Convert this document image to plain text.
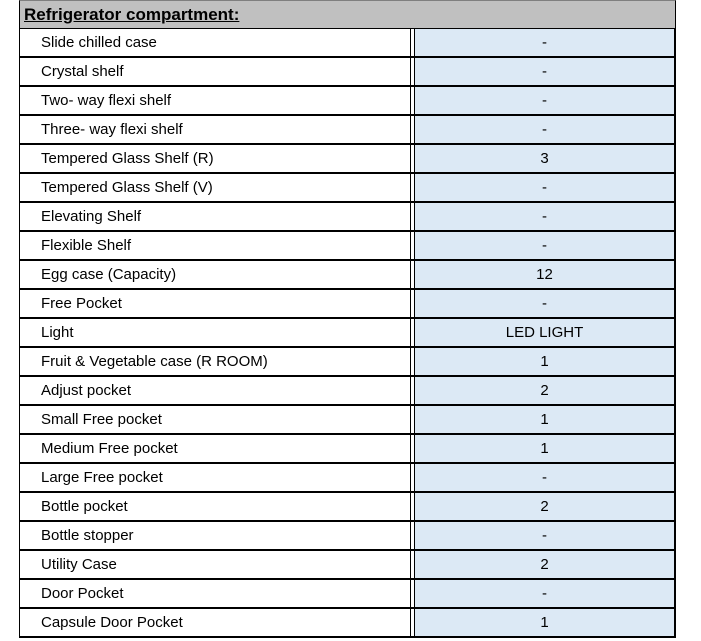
Refrigerator compartment:
Slide chilled case	-
Crystal shelf	-
Two- way flexi shelf	-
Three- way flexi shelf	-
Tempered Glass Shelf (R)	3
Tempered Glass Shelf (V)	-
Elevating Shelf	-
Flexible Shelf	-
Egg case (Capacity)	12
Free Pocket	-
Light	LED LIGHT
Fruit & Vegetable case (R ROOM)	1
Adjust pocket	2
Small Free pocket	1
Medium Free pocket	1
Large Free pocket	-
Bottle pocket	2
Bottle stopper	-
Utility Case	2
Door Pocket	-
Capsule Door Pocket	1
